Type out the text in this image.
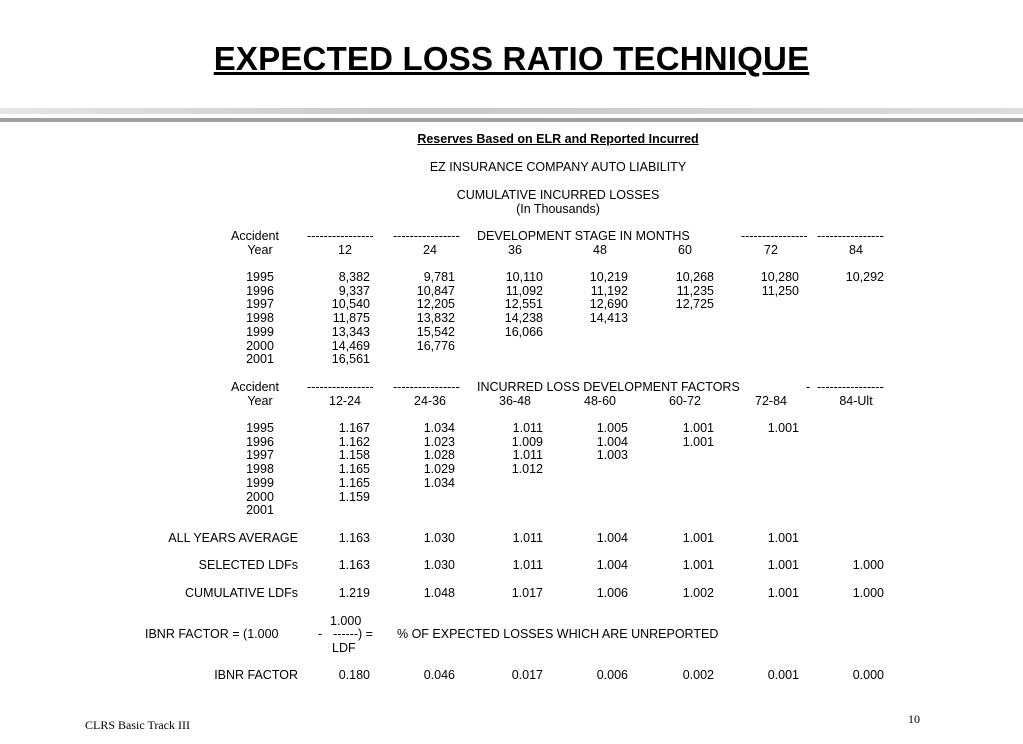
EXPECTED LOSS RATIO TECHNIQUE
Reserves Based on ELR and Reported Incurred
EZ INSURANCE COMPANY AUTO LIABILITY
CUMULATIVE INCURRED LOSSES
(In Thousands)
Accident ---------------- ---------------- DEVELOPMENT STAGE IN MONTHS	---------------- ----------------
Year	12	24	36	48	60	72	84
1995	8,382	9,781	10,110	10,219	10,268	10,280	10,292
1996	9,337	10,847	11,092	11,192	11,235	11,250
1997	10,540	12,205	12,551	12,690	12,725
1998	11,875	13,832	14,238	14,413
1999	13,343	15,542	16,066
2000	14,469	16,776
2001	16,561
Year	12-24	24-36	36-48	48-60	60-72	72-84	84-Ult
1995	1.167	1.034	1.011	1.005	1.001	1.001
1996	1.162	1.023	1.009	1.004	1.001
1997	1.158	1.028	1.011	1.003
1998	1.165	1.029	1.012
1999	1.165	1.034
2000	1.159
2001
ALL YEARS AVERAGE	1.163	1.030	1.011	1.004	1.001	1.001
SELECTED LDFs	1.163	1.030	1.011	1.004	1.001	1.001	1.000
CUMULATIVE LDFs	1.219	1.048	1.017	1.006	1.002	1.001	1.000
Accident ---------------- ---------------- INCURRED LOSS DEVELOPMENT FACTORS	- ----------------
1.000
IBNR FACTOR = (1.000	- ------) = % OF EXPECTED LOSSES WHICH ARE UNREPORTED
LDF
IBNR FACTOR	0.180	0.046	0.017	0.006	0.002	0.001	0.000
CLRS Basic Track III	10
